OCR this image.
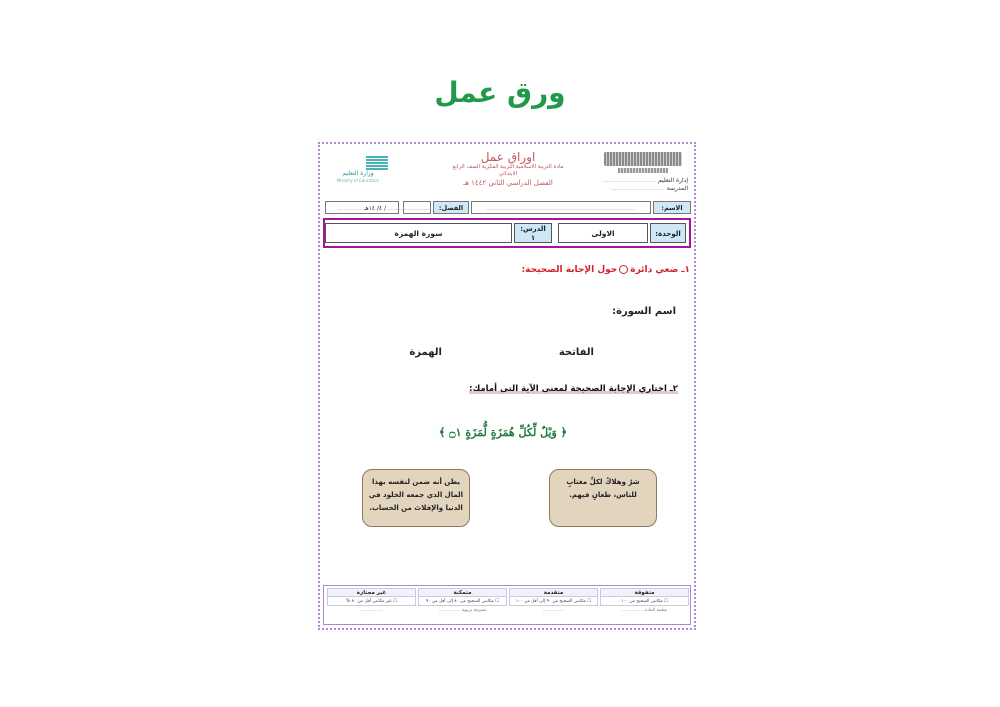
ورق عمل
إدارة التعليم ………………………
المدرسة ………………………
اوراق عمل
مادة التربية الاسلامية التربية الفكرية الصف الرابع
الابتدائي
الفصل الدراسي الثاني ١٤٤٢ هـ
وزارة التعليم
Ministry of Education
الاسم:
…………………………………………………………………
الفصل:
…………………
/ ٤/ ١٤هـ …………
الوحدة:
الاولى
الدرس:
١
سورة الهمزة
١ـ ضعي دائرةحول الإجابة الصحيحة:
اسم السورة:
الفاتحة
الهمزة
٢ـ اختاري الإجابة الصحيحة لمعنى الآية التى أمامك:
﴿ وَيْلٌ لِّكُلِّ هُمَزَةٍ لُّمَزَةٍ ۝١ ﴾
شرٌ وهلاكٌ لكلِّ مغتابٍ للناس، طعانٍ فيهم.
يظن أنه ضمن لنفسه بهذا المال الذي جمعه الخلود في الدنيا والإفلاتَ من الحساب.
متفوقة
☐ مكانتي الصحيح من ١٠٠
معلمة المادة ……………
متقدمة
☐ مكانتي الصحيح من ٩٠ إلى أقل من ١٠٠
……………
متمكنة
☐ مكانتي الصحيح من ٨٠ إلى أقل من ٩٠
مشرفة تربوية ……………
غير مجتازة
☐ غير مكانتي أقل من ٨٠ %
……………
